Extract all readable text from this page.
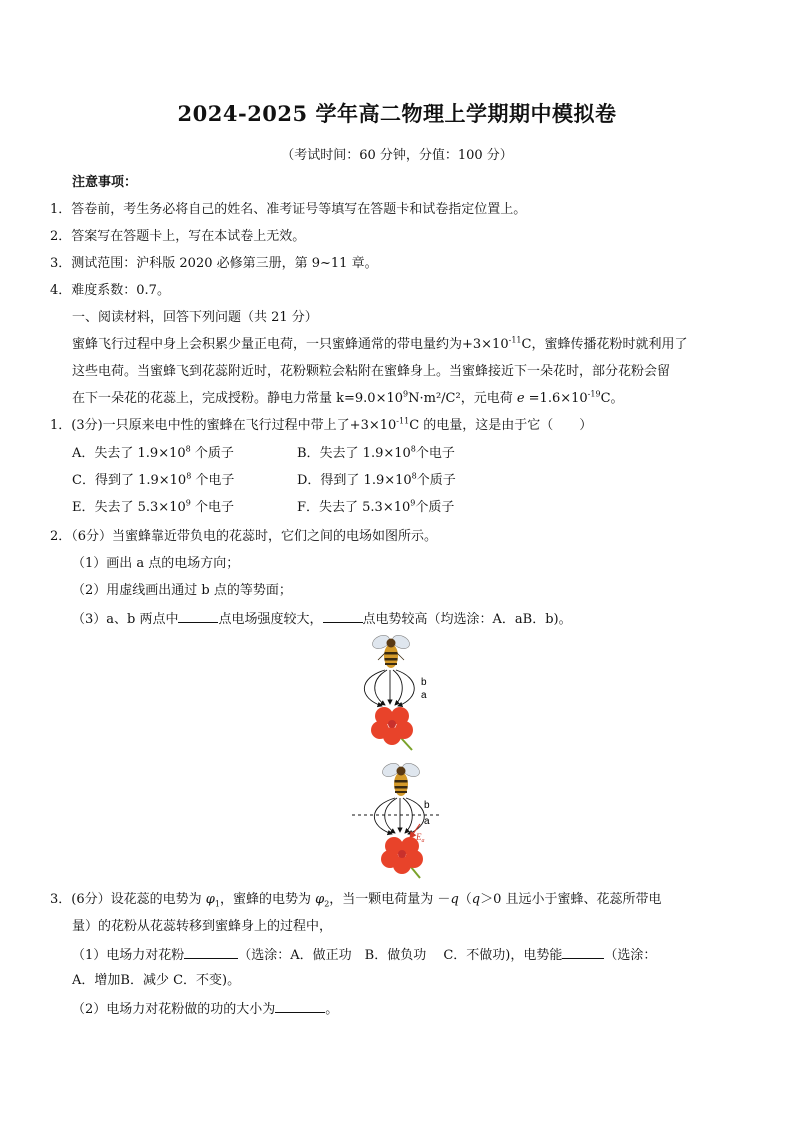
2024-2025 学年高二物理上学期期中模拟卷
（考试时间：60 分钟，分值：100 分）
注意事项：
1．答卷前，考生务必将自己的姓名、准考证号等填写在答题卡和试卷指定位置上。
2．答案写在答题卡上，写在本试卷上无效。
3．测试范围：沪科版 2020 必修第三册，第 9~11 章。
4．难度系数：0.7。
一、阅读材料，回答下列问题（共 21 分）
蜜蜂飞行过程中身上会积累少量正电荷，一只蜜蜂通常的带电量约为$+3\times 10^{-11}C$，蜜蜂传播花粉时就利用了
这些电荷。当蜜蜂飞到花蕊附近时，花粉颗粒会粘附在蜜蜂身上。当蜜蜂接近下一朵花时，部分花粉会留
在下一朵花的花蕊上，完成授粉。静电力常量 $k=9.0\times 10^9N\cdot m^2/C^2$，元电荷 $e =1.6\times 10^{-19}C$。
1．(3分)一只原来电中性的蜜蜂在飞行过程中带上了$+3\times 10^{-11}C$ 的电量，这是由于它（　　）
A．失去了 $1.9\times 10^8$ 个质子	B．失去了 $1.9\times 10^8$个电子
C．得到了 $1.9\times 10^8$ 个电子	D．得到了 $1.9\times 10^8$个质子
E．失去了 $5.3\times 10^9$ 个电子	F．失去了 $5.3\times 10^9$个质子
2．（6分）当蜜蜂靠近带负电的花蕊时，它们之间的电场如图所示。
（1）画出 a 点的电场方向；
（2）用虚线画出通过 b 点的等势面；
（3）a、b 两点中	点电场强度较大，	点电势较高（均选涂：A．aB．b)。
b
a
b
a
$E_a$
3．(6分）设花蕊的电势为 $\varphi_1$，蜜蜂的电势为 $\varphi_2$，当一颗电荷量为 －q（q＞0 且远小于蜜蜂、花蕊所带电
量）的花粉从花蕊转移到蜜蜂身上的过程中，
（1）电场力对花粉	（选涂：A．做正功　B．做负功　 C．不做功)，电势能	（选涂：
A．增加B．减少 C．不变)。
（2）电场力对花粉做的功的大小为	。
